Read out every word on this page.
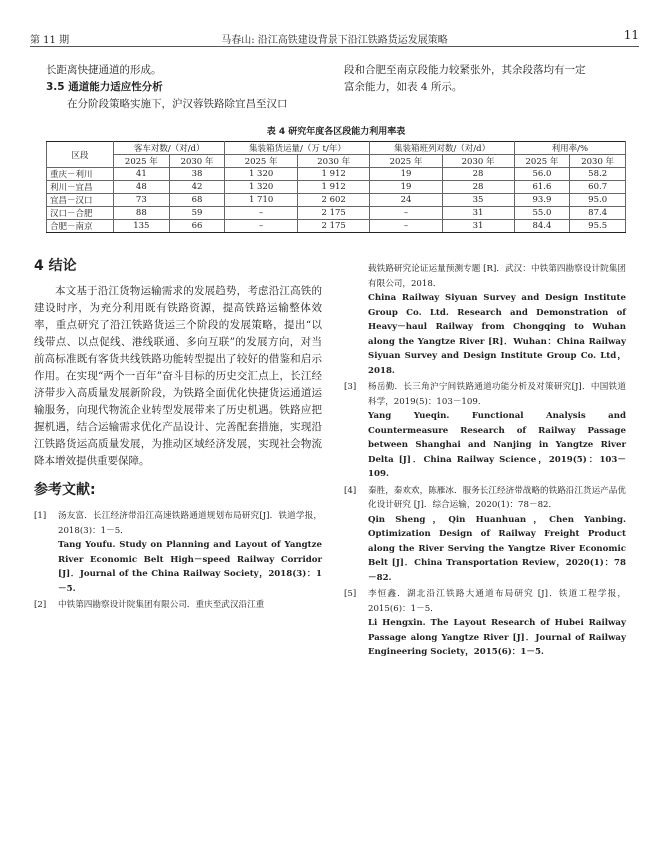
第 11 期	马春山: 沿江高铁建设背景下沿江铁路货运发展策略	11

长距离快捷通道的形成。

3.5 通道能力适应性分析

在分阶段策略实施下，沪汉蓉铁路除宜昌至汉口

段和合肥至南京段能力较紧张外，其余段落均有一定

富余能力，如表 4 所示。

表 4 研究年度各区段能力利用率表
区段	客车对数/（对/d）		集装箱货运量/（万 t/年）		集装箱班列对数/（对/d）		利用率/%	
	2025 年	2030 年	2025 年	2030 年	2025 年	2030 年	2025 年	2030 年
重庆－利川	41	38	1 320	1 912	19	28	56.0	58.2
利川－宜昌	48	42	1 320	1 912	19	28	61.6	60.7
宜昌－汉口	73	68	1 710	2 602	24	35	93.9	95.0
汉口－合肥	88	59	–	2 175	–	31	55.0	87.4
合肥－南京	135	66	–	2 175	–	31	84.4	95.5
4 结论

本文基于沿江货物运输需求的发展趋势，考虑沿江高铁的建设时序，为充分利用既有铁路资源，提高铁路运输整体效率，重点研究了沿江铁路货运三个阶段的发展策略，提出“以线带点、以点促线、港线联通、多向互联”的发展方向，对当前高标准既有客货共线铁路功能转型提出了较好的借鉴和启示作用。在实现“两个一百年”奋斗目标的历史交汇点上，长江经济带步入高质量发展新阶段，为铁路全面优化快捷货运通道运输服务，向现代物流企业转型发展带来了历史机遇。铁路应把握机遇，结合运输需求优化产品设计、完善配套措施，实现沿江铁路货运高质量发展，为推动区域经济发展，实现社会物流降本增效提供重要保障。

参考文献:
[1] 汤友富．长江经济带沿江高速铁路通道规划布局研究[J]．铁道学报，2018(3)：1－5．
Tang Youfu. Study on Planning and Layout of Yangtze River Economic Belt High－speed Railway Corridor [J]．Journal of the China Railway Society，2018(3)：1－5.
[2] 中铁第四勘察设计院集团有限公司．重庆至武汉沿江重
载铁路研究论证运量预测专题 [R]．武汉：中铁第四勘察设计院集团有限公司，2018．
China Railway Siyuan Survey and Design Institute Group Co. Ltd. Research and Demonstration of Heavy－haul Railway from Chongqing to Wuhan along the Yangtze River [R]．Wuhan：China Railway Siyuan Survey and Design Institute Group Co. Ltd，2018.
[3] 杨岳勤．长三角沪宁间铁路通道功能分析及对策研究[J]．中国铁道科学，2019(5)：103－109．
Yang Yueqin. Functional Analysis and Countermeasure Research of Railway Passage between Shanghai and Nanjing in Yangtze River Delta [J]．China Railway Science，2019(5)：103－109.
[4] 秦胜，秦欢欢，陈雁冰．服务长江经济带战略的铁路沿江货运产品优化设计研究 [J]．综合运输，2020(1)：78－82．
Qin Sheng，Qin Huanhuan，Chen Yanbing. Optimization Design of Railway Freight Product along the River Serving the Yangtze River Economic Belt [J]．China Transportation Review，2020(1)：78－82.
[5] 李恒鑫．湖北沿江铁路大通道布局研究 [J]．铁道工程学报，2015(6)：1－5．
Li Hengxin. The Layout Research of Hubei Railway Passage along Yangtze River [J]．Journal of Railway Engineering Society，2015(6)：1－5.
